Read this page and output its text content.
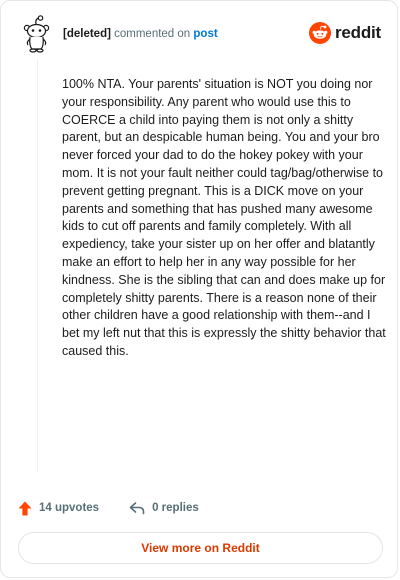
[deleted] commented on post	reddit

100% NTA. Your parents' situation is NOT you doing nor your responsibility. Any parent who would use this to COERCE a child into paying them is not only a shitty parent, but an despicable human being. You and your bro never forced your dad to do the hokey pokey with your mom. It is not your fault neither could tag/bag/otherwise to prevent getting pregnant. This is a DICK move on your parents and something that has pushed many awesome kids to cut off parents and family completely. With all expediency, take your sister up on her offer and blatantly make an effort to help her in any way possible for her kindness. She is the sibling that can and does make up for completely shitty parents. There is a reason none of their other children have a good relationship with them--and I bet my left nut that this is expressly the shitty behavior that caused this.

14 upvotes	0 replies
View more on Reddit
